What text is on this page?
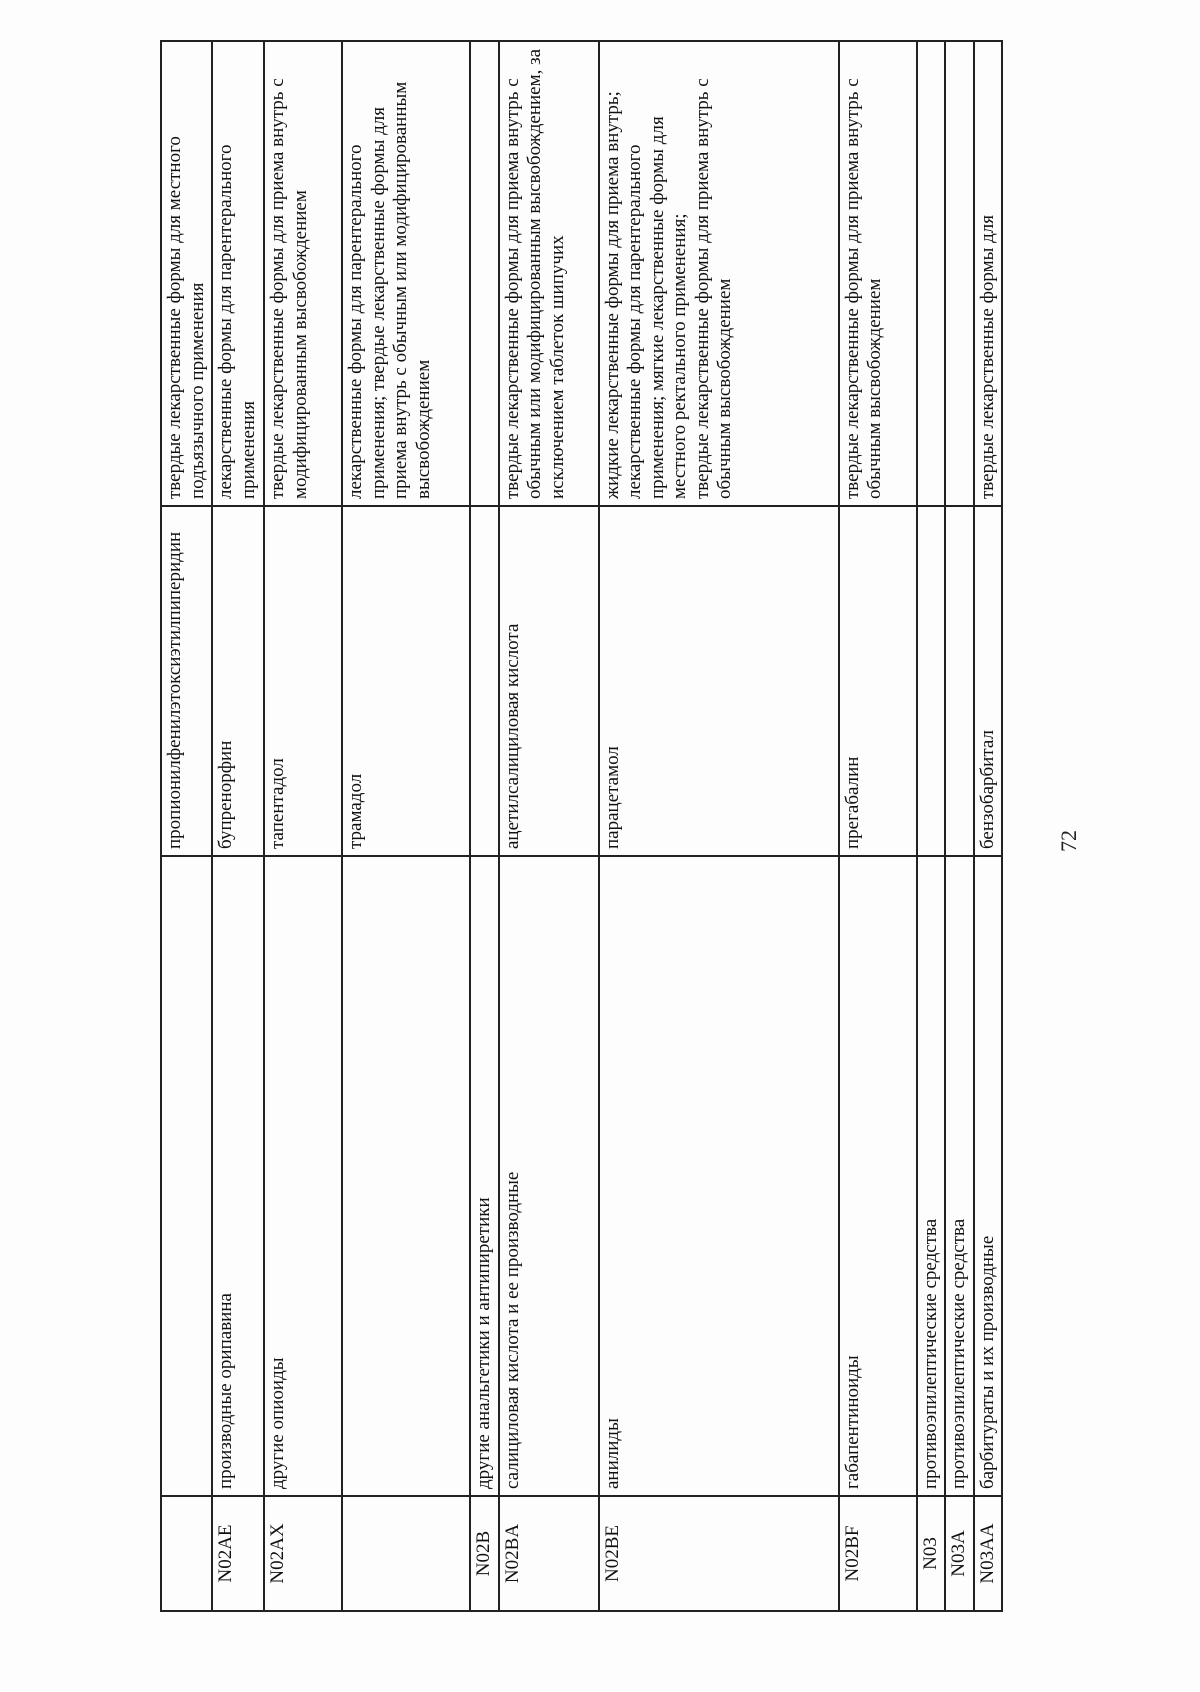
		пропионилфенилэтоксиэтилпиперидин	твердые лекарственные формы для местного подъязычного применения
N02AE	производные орипавина	бупренорфин	лекарственные формы для парентерального применения
N02AX	другие опиоиды	тапентадол	твердые лекарственные формы для приема внутрь с модифицированным высвобождением
		трамадол	лекарственные формы для парентерального применения; твердые лекарственные формы для приема внутрь с обычным или модифицированным высвобождением
N02B	другие анальгетики и антипиретики		
N02BA	салициловая кислота и ее производные	ацетилсалициловая кислота	твердые лекарственные формы для приема внутрь с обычным или модифицированным высвобождением, за исключением таблеток шипучих
N02BE	анилиды	парацетамол	жидкие лекарственные формы для приема внутрь;
лекарственные формы для парентерального применения; мягкие лекарственные формы для местного ректального применения;
твердые лекарственные формы для приема внутрь с обычным высвобождением
N02BF	габапентиноиды	прегабалин	твердые лекарственные формы для приема внутрь с обычным высвобождением
N03	противоэпилептические средства		
N03A	противоэпилептические средства		
N03AA	барбитураты и их производные	бензобарбитал	твердые лекарственные формы для
72
